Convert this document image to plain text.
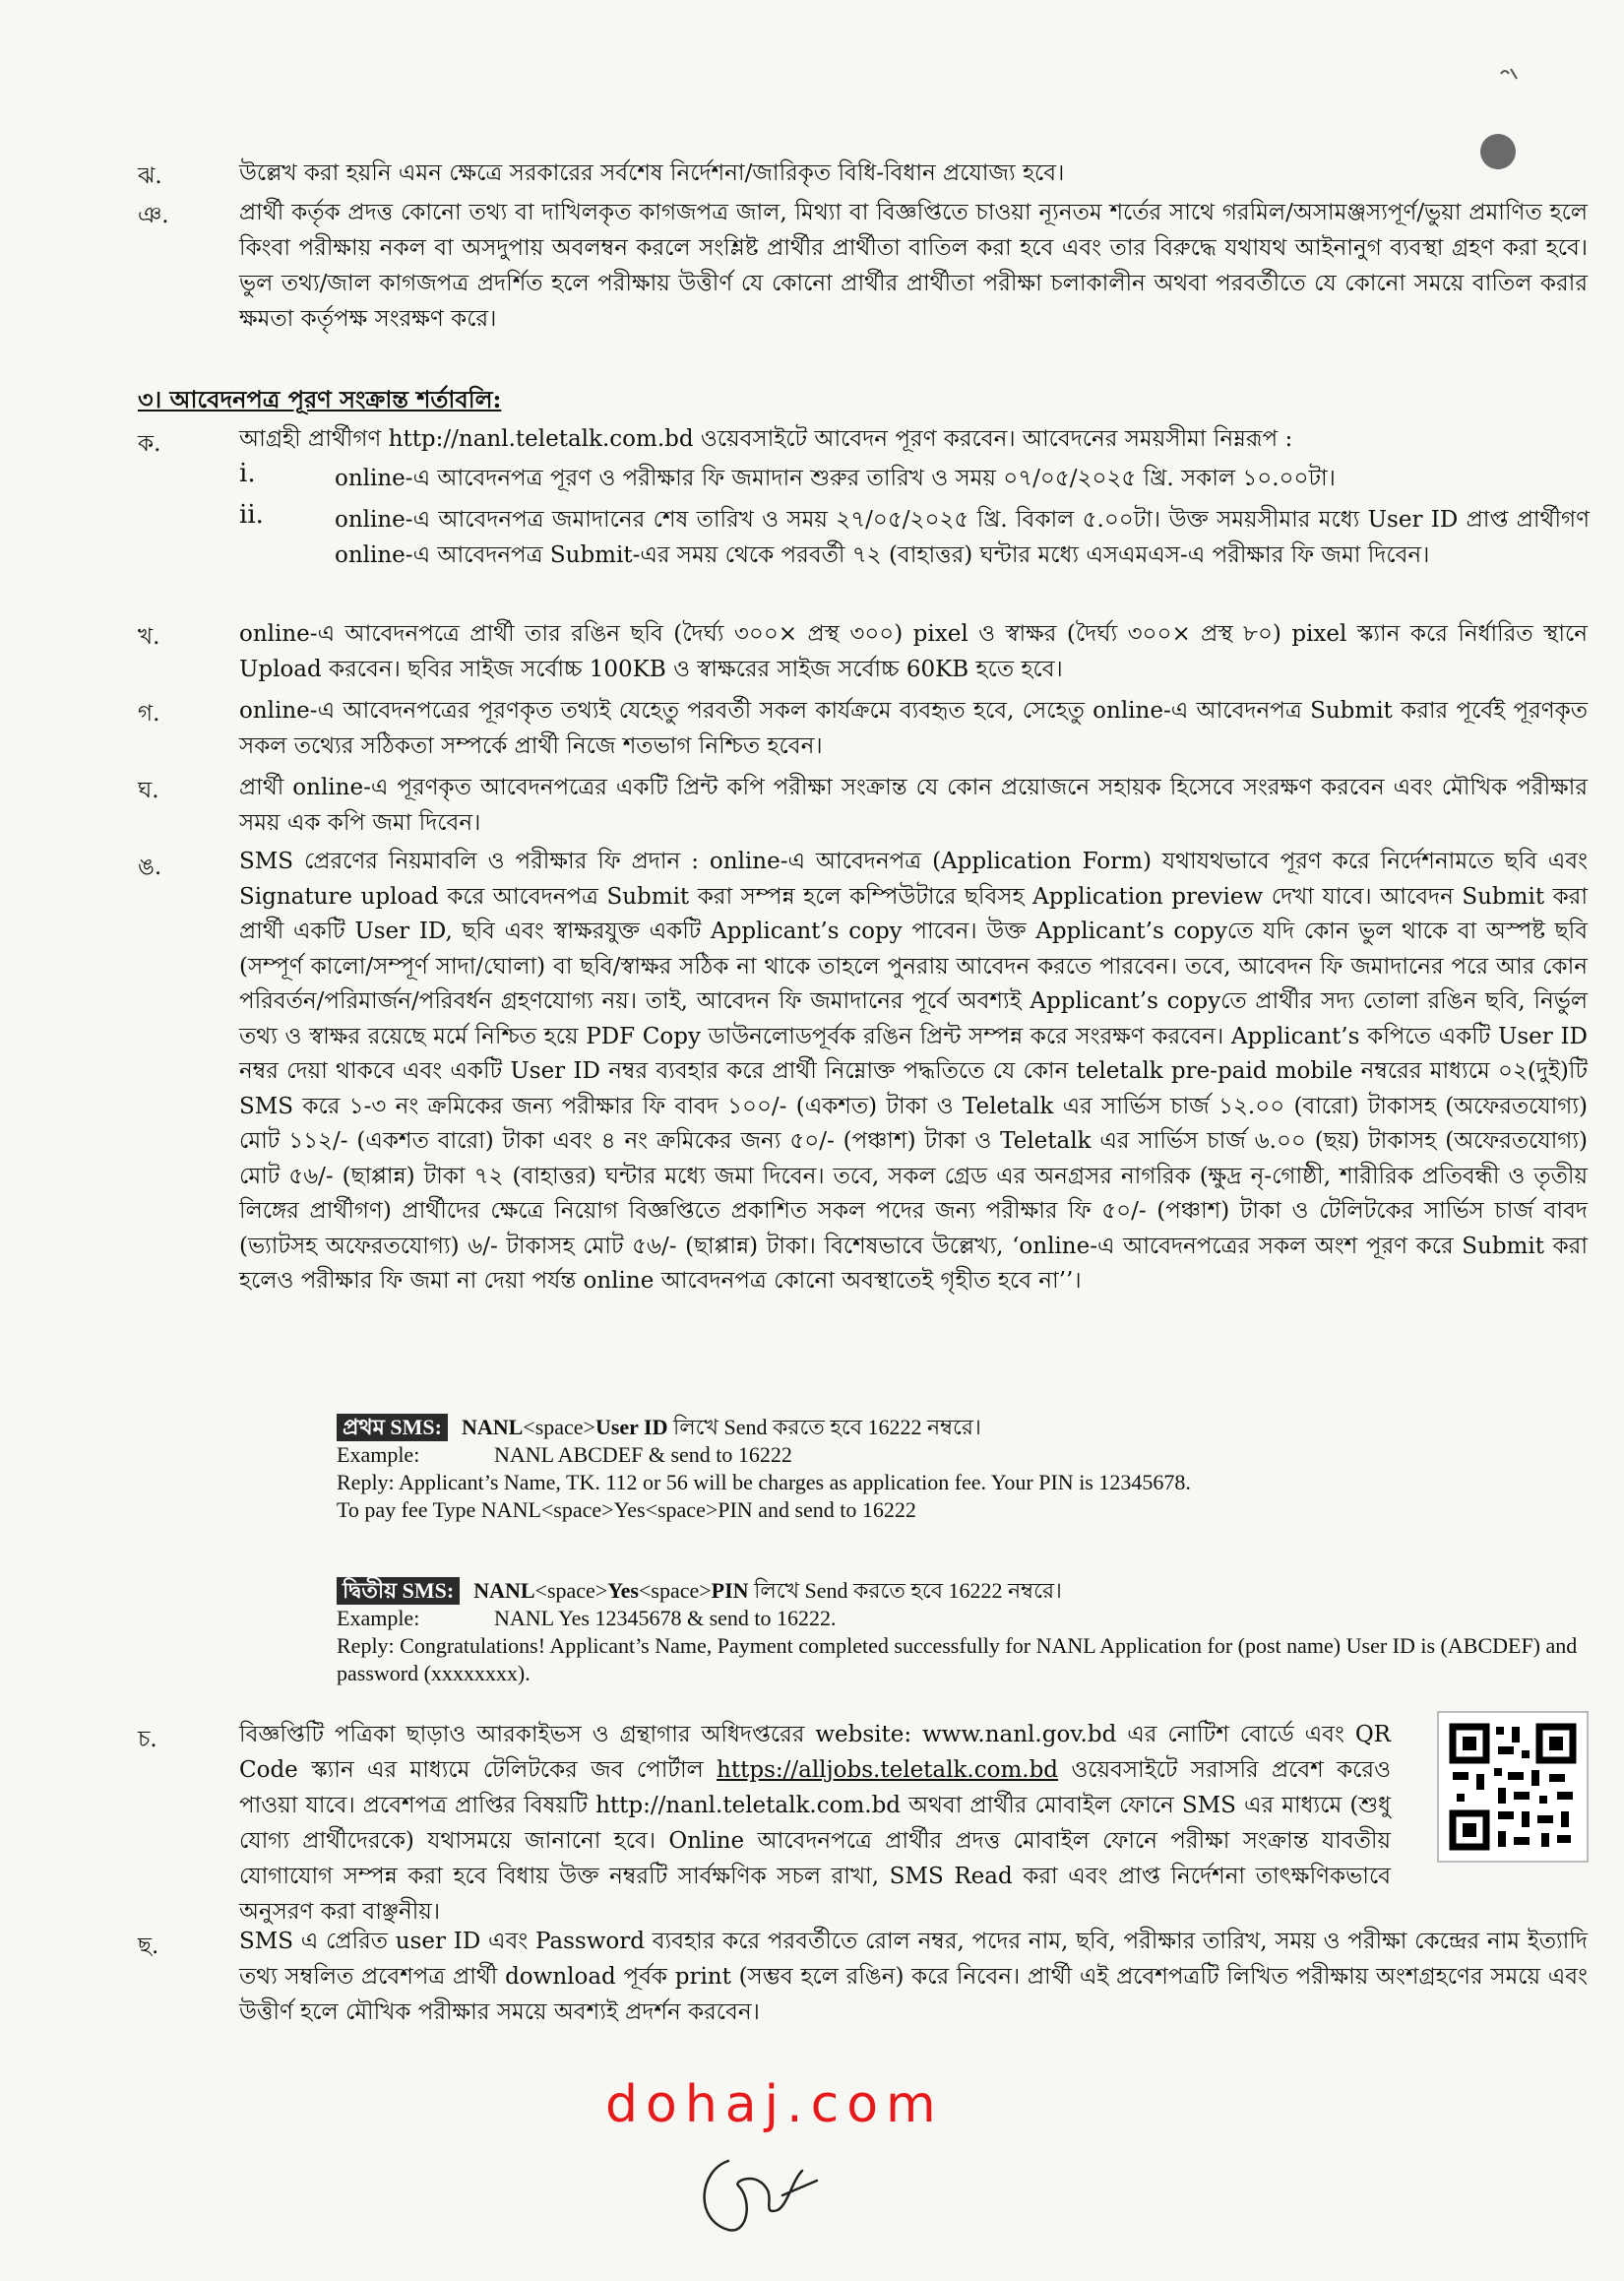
ঝ.	উল্লেখ করা হয়নি এমন ক্ষেত্রে সরকারের সর্বশেষ নির্দেশনা/জারিকৃত বিধি-বিধান প্রযোজ্য হবে।
ঞ.	প্রার্থী কর্তৃক প্রদত্ত কোনো তথ্য বা দাখিলকৃত কাগজপত্র জাল, মিথ্যা বা বিজ্ঞপ্তিতে চাওয়া ন্যূনতম শর্তের সাথে গরমিল/অসামঞ্জস্যপূর্ণ/ভুয়া প্রমাণিত হলে কিংবা পরীক্ষায় নকল বা অসদুপায় অবলম্বন করলে সংশ্লিষ্ট প্রার্থীর প্রার্থীতা বাতিল করা হবে এবং তার বিরুদ্ধে যথাযথ আইনানুগ ব্যবস্থা গ্রহণ করা হবে। ভুল তথ্য/জাল কাগজপত্র প্রদর্শিত হলে পরীক্ষায় উত্তীর্ণ যে কোনো প্রার্থীর প্রার্থীতা পরীক্ষা চলাকালীন অথবা পরবর্তীতে যে কোনো সময়ে বাতিল করার ক্ষমতা কর্তৃপক্ষ সংরক্ষণ করে।
৩। আবেদনপত্র পূরণ সংক্রান্ত শর্তাবলি:
ক.	আগ্রহী প্রার্থীগণ http://nanl.teletalk.com.bd ওয়েবসাইটে আবেদন পূরণ করবেন। আবেদনের সময়সীমা নিম্নরূপ :
i.	online-এ আবেদনপত্র পূরণ ও পরীক্ষার ফি জমাদান শুরুর তারিখ ও সময় ০৭/০৫/২০২৫ খ্রি. সকাল ১০.০০টা।
ii.	online-এ আবেদনপত্র জমাদানের শেষ তারিখ ও সময় ২৭/০৫/২০২৫ খ্রি. বিকাল ৫.০০টা। উক্ত সময়সীমার মধ্যে User ID প্রাপ্ত প্রার্থীগণ online-এ আবেদনপত্র Submit-এর সময় থেকে পরবর্তী ৭২ (বাহাত্তর) ঘন্টার মধ্যে এসএমএস-এ পরীক্ষার ফি জমা দিবেন।
খ.	online-এ আবেদনপত্রে প্রার্থী তার রঙিন ছবি (দৈর্ঘ্য ৩০০× প্রস্থ ৩০০) pixel ও স্বাক্ষর (দৈর্ঘ্য ৩০০× প্রস্থ ৮০) pixel স্ক্যান করে নির্ধারিত স্থানে Upload করবেন। ছবির সাইজ সর্বোচ্চ 100KB ও স্বাক্ষরের সাইজ সর্বোচ্চ 60KB হতে হবে।
গ.	online-এ আবেদনপত্রের পূরণকৃত তথ্যই যেহেতু পরবর্তী সকল কার্যক্রমে ব্যবহৃত হবে, সেহেতু online-এ আবেদনপত্র Submit করার পূর্বেই পূরণকৃত সকল তথ্যের সঠিকতা সম্পর্কে প্রার্থী নিজে শতভাগ নিশ্চিত হবেন।
ঘ.	প্রার্থী online-এ পূরণকৃত আবেদনপত্রের একটি প্রিন্ট কপি পরীক্ষা সংক্রান্ত যে কোন প্রয়োজনে সহায়ক হিসেবে সংরক্ষণ করবেন এবং মৌখিক পরীক্ষার সময় এক কপি জমা দিবেন।
ঙ.	SMS প্রেরণের নিয়মাবলি ও পরীক্ষার ফি প্রদান : online-এ আবেদনপত্র (Application Form) যথাযথভাবে পূরণ করে নির্দেশনামতে ছবি এবং Signature upload করে আবেদনপত্র Submit করা সম্পন্ন হলে কম্পিউটারে ছবিসহ Application preview দেখা যাবে। আবেদন Submit করা প্রার্থী একটি User ID, ছবি এবং স্বাক্ষরযুক্ত একটি Applicant’s copy পাবেন। উক্ত Applicant’s copyতে যদি কোন ভুল থাকে বা অস্পষ্ট ছবি (সম্পূর্ণ কালো/সম্পূর্ণ সাদা/ঘোলা) বা ছবি/স্বাক্ষর সঠিক না থাকে তাহলে পুনরায় আবেদন করতে পারবেন। তবে, আবেদন ফি জমাদানের পরে আর কোন পরিবর্তন/পরিমার্জন/পরিবর্ধন গ্রহণযোগ্য নয়। তাই, আবেদন ফি জমাদানের পূর্বে অবশ্যই Applicant’s copyতে প্রার্থীর সদ্য তোলা রঙিন ছবি, নির্ভুল তথ্য ও স্বাক্ষর রয়েছে মর্মে নিশ্চিত হয়ে PDF Copy ডাউনলোডপূর্বক রঙিন প্রিন্ট সম্পন্ন করে সংরক্ষণ করবেন। Applicant’s কপিতে একটি User ID নম্বর দেয়া থাকবে এবং একটি User ID নম্বর ব্যবহার করে প্রার্থী নিম্নোক্ত পদ্ধতিতে যে কোন teletalk pre-paid mobile নম্বরের মাধ্যমে ০২(দুই)টি SMS করে ১-৩ নং ক্রমিকের জন্য পরীক্ষার ফি বাবদ ১০০/- (একশত) টাকা ও Teletalk এর সার্ভিস চার্জ ১২.০০ (বারো) টাকাসহ (অফেরতযোগ্য) মোট ১১২/- (একশত বারো) টাকা এবং ৪ নং ক্রমিকের জন্য ৫০/- (পঞ্চাশ) টাকা ও Teletalk এর সার্ভিস চার্জ ৬.০০ (ছয়) টাকাসহ (অফেরতযোগ্য) মোট ৫৬/- (ছাপ্পান্ন) টাকা ৭২ (বাহাত্তর) ঘন্টার মধ্যে জমা দিবেন। তবে, সকল গ্রেড এর অনগ্রসর নাগরিক (ক্ষুদ্র নৃ-গোষ্ঠী, শারীরিক প্রতিবন্ধী ও তৃতীয় লিঙ্গের প্রার্থীগণ) প্রার্থীদের ক্ষেত্রে নিয়োগ বিজ্ঞপ্তিতে প্রকাশিত সকল পদের জন্য পরীক্ষার ফি ৫০/- (পঞ্চাশ) টাকা ও টেলিটকের সার্ভিস চার্জ বাবদ (ভ্যাটসহ অফেরতযোগ্য) ৬/- টাকাসহ মোট ৫৬/- (ছাপ্পান্ন) টাকা। বিশেষভাবে উল্লেখ্য, ‘online-এ আবেদনপত্রের সকল অংশ পূরণ করে Submit করা হলেও পরীক্ষার ফি জমা না দেয়া পর্যন্ত online আবেদনপত্র কোনো অবস্থাতেই গৃহীত হবে না’’।
প্রথম SMS: NANL<space>User ID লিখে Send করতে হবে 16222 নম্বরে।
Example:	NANL ABCDEF & send to 16222
Reply: Applicant’s Name, TK. 112 or 56 will be charges as application fee. Your PIN is 12345678.
To pay fee Type NANL<space>Yes<space>PIN and send to 16222
দ্বিতীয় SMS: NANL<space>Yes<space>PIN লিখে Send করতে হবে 16222 নম্বরে।
Example:	NANL Yes 12345678 & send to 16222.
Reply: Congratulations! Applicant’s Name, Payment completed successfully for NANL Application for (post name) User ID is (ABCDEF) and password (xxxxxxxx).
চ.	বিজ্ঞপ্তিটি পত্রিকা ছাড়াও আরকাইভস ও গ্রন্থাগার অধিদপ্তরের website: www.nanl.gov.bd এর নোটিশ বোর্ডে এবং QR Code স্ক্যান এর মাধ্যমে টেলিটকের জব পোর্টাল https://alljobs.teletalk.com.bd ওয়েবসাইটে সরাসরি প্রবেশ করেও পাওয়া যাবে। প্রবেশপত্র প্রাপ্তির বিষয়টি http://nanl.teletalk.com.bd অথবা প্রার্থীর মোবাইল ফোনে SMS এর মাধ্যমে (শুধু যোগ্য প্রার্থীদেরকে) যথাসময়ে জানানো হবে। Online আবেদনপত্রে প্রার্থীর প্রদত্ত মোবাইল ফোনে পরীক্ষা সংক্রান্ত যাবতীয় যোগাযোগ সম্পন্ন করা হবে বিধায় উক্ত নম্বরটি সার্বক্ষণিক সচল রাখা, SMS Read করা এবং প্রাপ্ত নির্দেশনা তাৎক্ষণিকভাবে অনুসরণ করা বাঞ্ছনীয়।
ছ.	SMS এ প্রেরিত user ID এবং Password ব্যবহার করে পরবর্তীতে রোল নম্বর, পদের নাম, ছবি, পরীক্ষার তারিখ, সময় ও পরীক্ষা কেন্দ্রের নাম ইত্যাদি তথ্য সম্বলিত প্রবেশপত্র প্রার্থী download পূর্বক print (সম্ভব হলে রঙিন) করে নিবেন। প্রার্থী এই প্রবেশপত্রটি লিখিত পরীক্ষায় অংশগ্রহণের সময়ে এবং উত্তীর্ণ হলে মৌখিক পরীক্ষার সময়ে অবশ্যই প্রদর্শন করবেন।
dohaj.com
